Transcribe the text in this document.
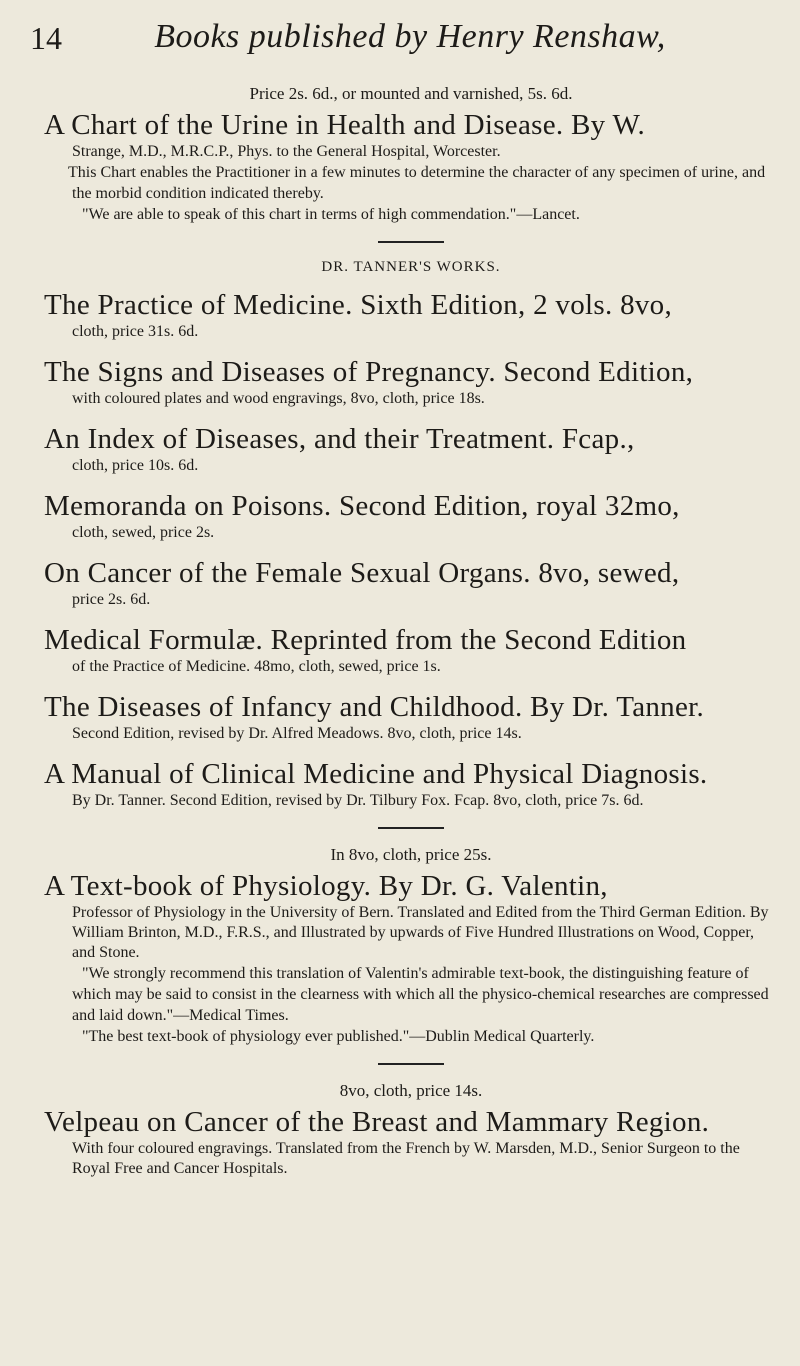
14	Books published by Henry Renshaw,

Price 2s. 6d., or mounted and varnished, 5s. 6d.

A Chart of the Urine in Health and Disease. By W.

Strange, M.D., M.R.C.P., Phys. to the General Hospital, Worcester.

This Chart enables the Practitioner in a few minutes to determine the character of any specimen of urine, and the morbid condition indicated thereby.

"We are able to speak of this chart in terms of high commendation."—Lancet.

DR. TANNER'S WORKS.

The Practice of Medicine. Sixth Edition, 2 vols. 8vo,

cloth, price 31s. 6d.

The Signs and Diseases of Pregnancy. Second Edition,

with coloured plates and wood engravings, 8vo, cloth, price 18s.

An Index of Diseases, and their Treatment. Fcap.,

cloth, price 10s. 6d.

Memoranda on Poisons. Second Edition, royal 32mo,

cloth, sewed, price 2s.

On Cancer of the Female Sexual Organs. 8vo, sewed,

price 2s. 6d.

Medical Formulæ. Reprinted from the Second Edition

of the Practice of Medicine. 48mo, cloth, sewed, price 1s.

The Diseases of Infancy and Childhood. By Dr. Tanner.

Second Edition, revised by Dr. Alfred Meadows. 8vo, cloth, price 14s.

A Manual of Clinical Medicine and Physical Diagnosis.

By Dr. Tanner. Second Edition, revised by Dr. Tilbury Fox. Fcap. 8vo, cloth, price 7s. 6d.

In 8vo, cloth, price 25s.

A Text-book of Physiology. By Dr. G. Valentin,

Professor of Physiology in the University of Bern. Translated and Edited from the Third German Edition. By William Brinton, M.D., F.R.S., and Illustrated by upwards of Five Hundred Illustrations on Wood, Copper, and Stone.

"We strongly recommend this translation of Valentin's admirable text-book, the distinguishing feature of which may be said to consist in the clearness with which all the physico-chemical researches are compressed and laid down."—Medical Times.

"The best text-book of physiology ever published."—Dublin Medical Quarterly.

8vo, cloth, price 14s.

Velpeau on Cancer of the Breast and Mammary Region.

With four coloured engravings. Translated from the French by W. Marsden, M.D., Senior Surgeon to the Royal Free and Cancer Hospitals.
